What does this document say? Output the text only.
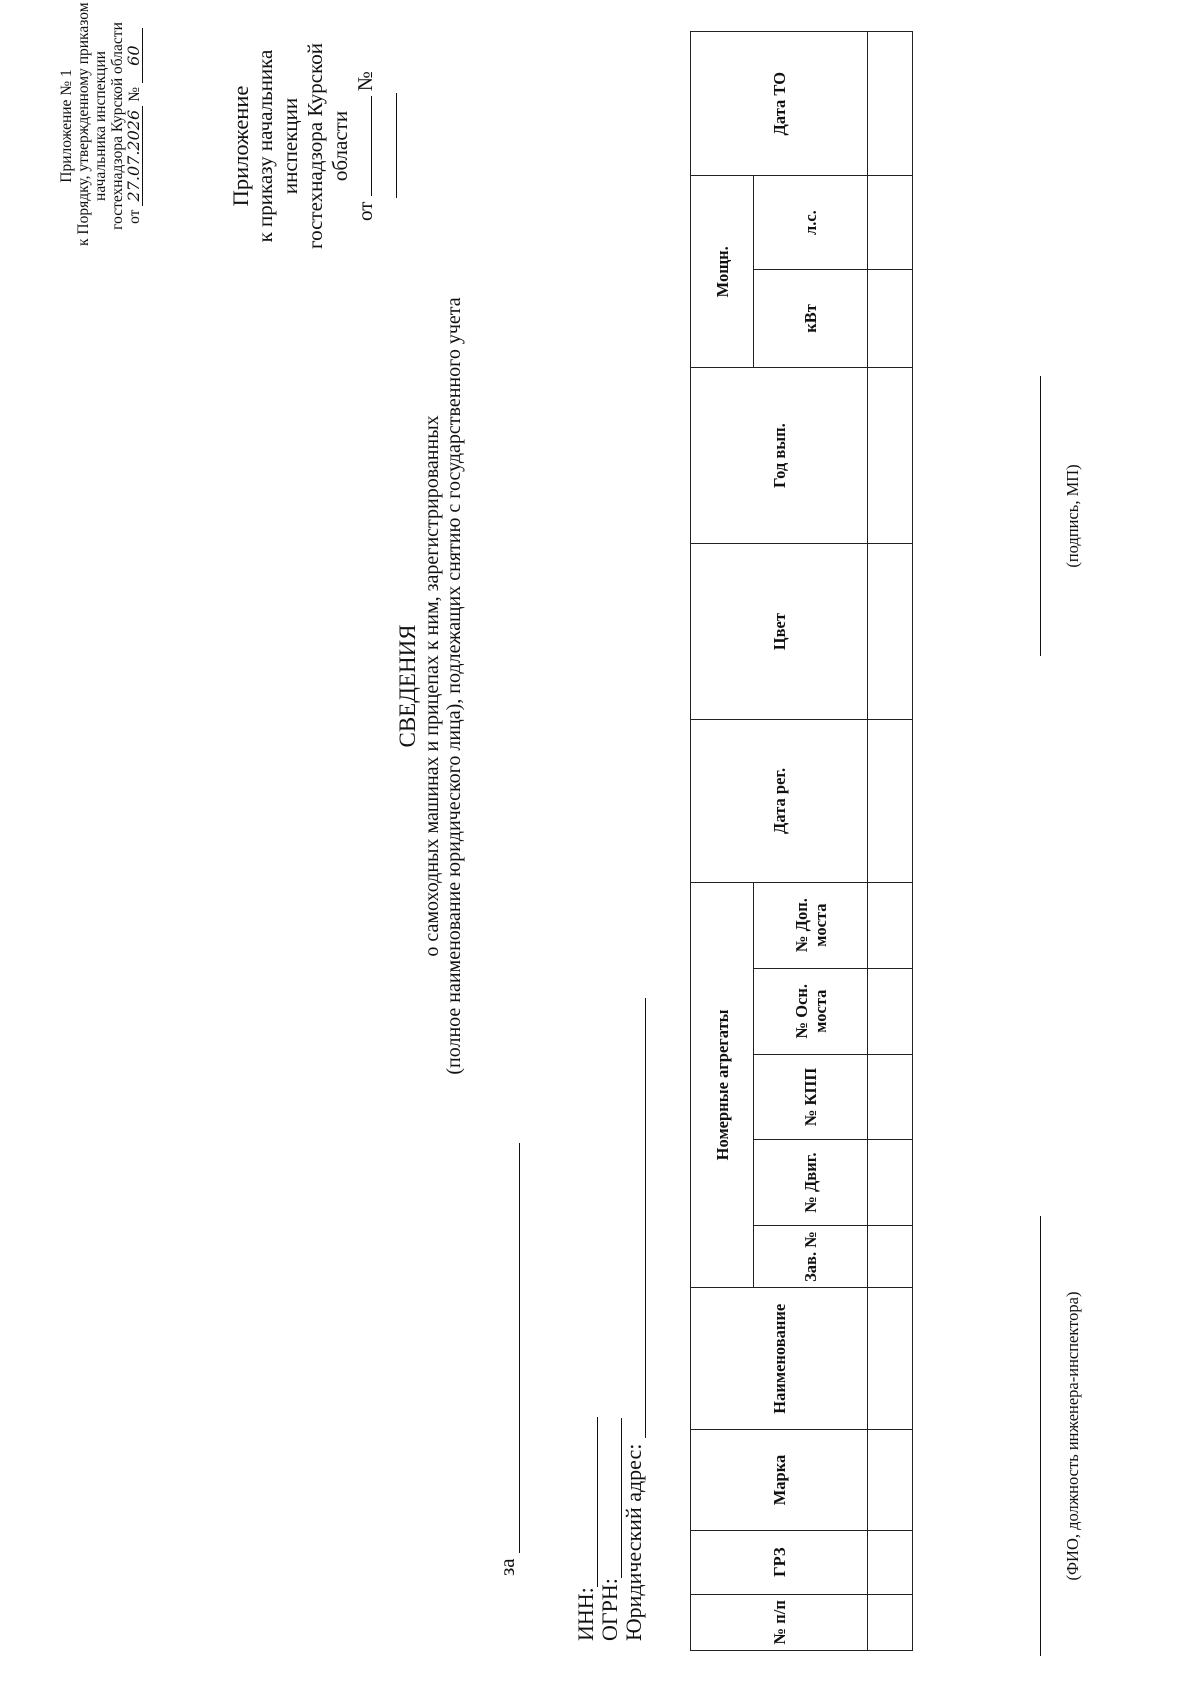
Приложение № 1 к Порядку, утвержденному приказом начальника инспекции гостехнадзора Курской области от 27.07.2026 № 60
Приложение к приказу начальника инспекции гостехнадзора Курской области
от  №
СВЕДЕНИЯ о самоходных машинах и прицепах к ним, зарегистрированных (полное наименование юридического лица), подлежащих снятию с государственного учета
за
ИНН: ОГРН: Юридический адрес:	№ п/п	ГРЗ	Марка	Наименование	Номерные агрегаты					Дата рег.	Цвет	Год вып.	Мощн.		Дата ТО
				Зав. №	№ Двиг.	№ КПП	№ Осн. моста	№ Доп. моста				кВт	л.с.	

(ФИО, должность инженера-инспектора)
(подпись, МП)
